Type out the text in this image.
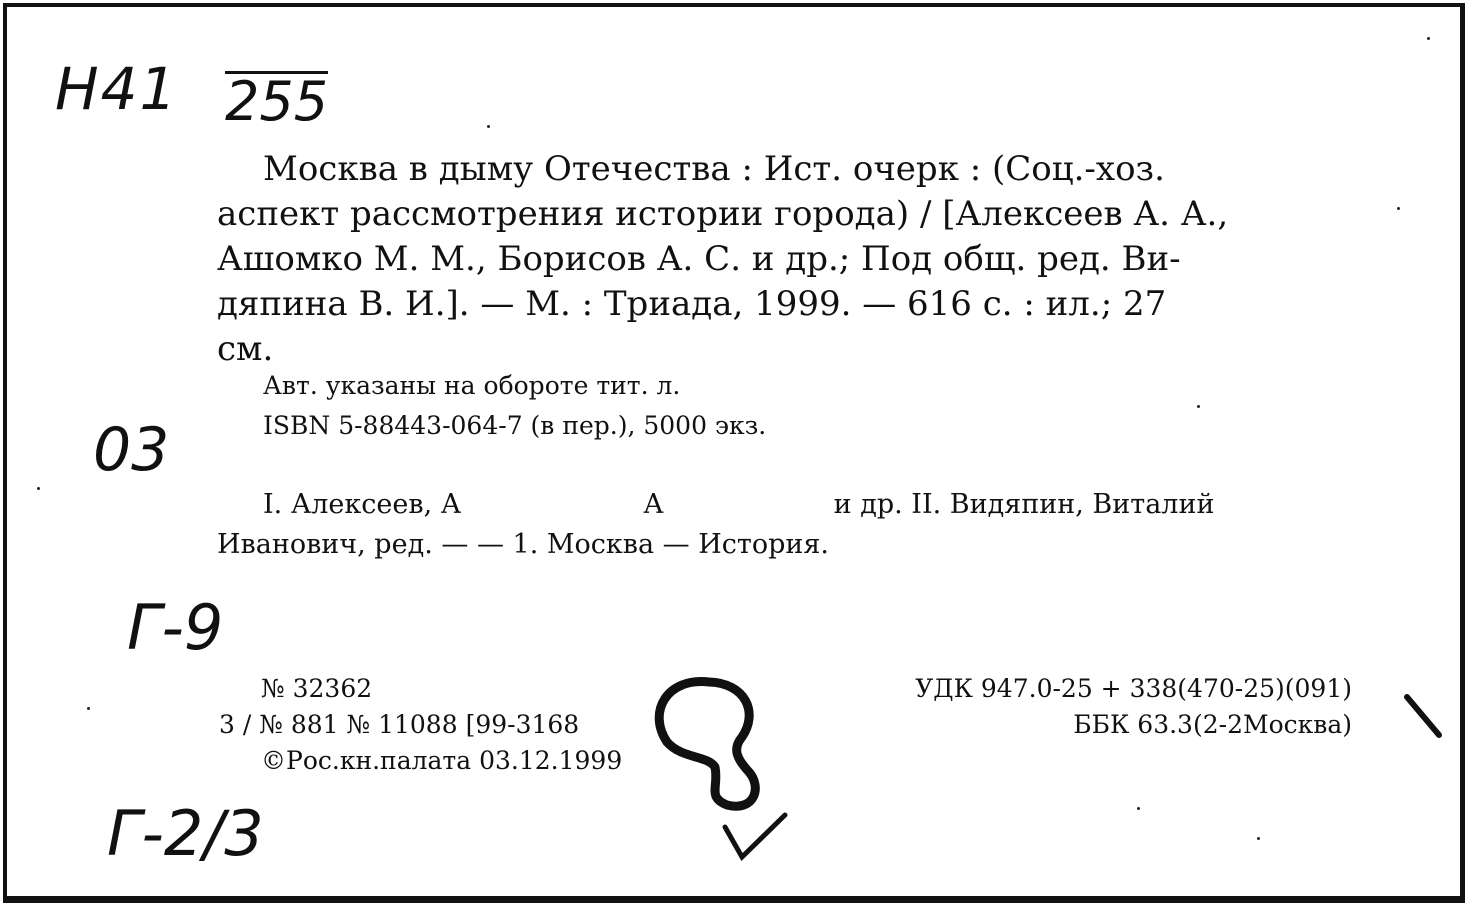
Н41 255
03
Г-9
Г-2/3
Москва в дыму Отечества : Ист. очерк : (Соц.-хоз.
аспект рассмотрения истории города) / [Алексеев А. А.,
Ашомко М. М., Борисов А. С. и др.; Под общ. ред. Ви-
дяпина В. И.]. — М. : Триада, 1999. — 616 с. : ил.; 27
см.
Авт. указаны на обороте тит. л.
ISBN 5-88443-064-7 (в пер.), 5000 экз.
I. Алексеев, А	А	и др. II. Видяпин, Виталий
Иванович, ред. — — 1. Москва — История.
№ 32362
3 / № 881 № 11088 [99-3168
©Рос.кн.палата 03.12.1999
УДК 947.0-25 + 338(470-25)(091)
ББК 63.3(2-2Москва)
